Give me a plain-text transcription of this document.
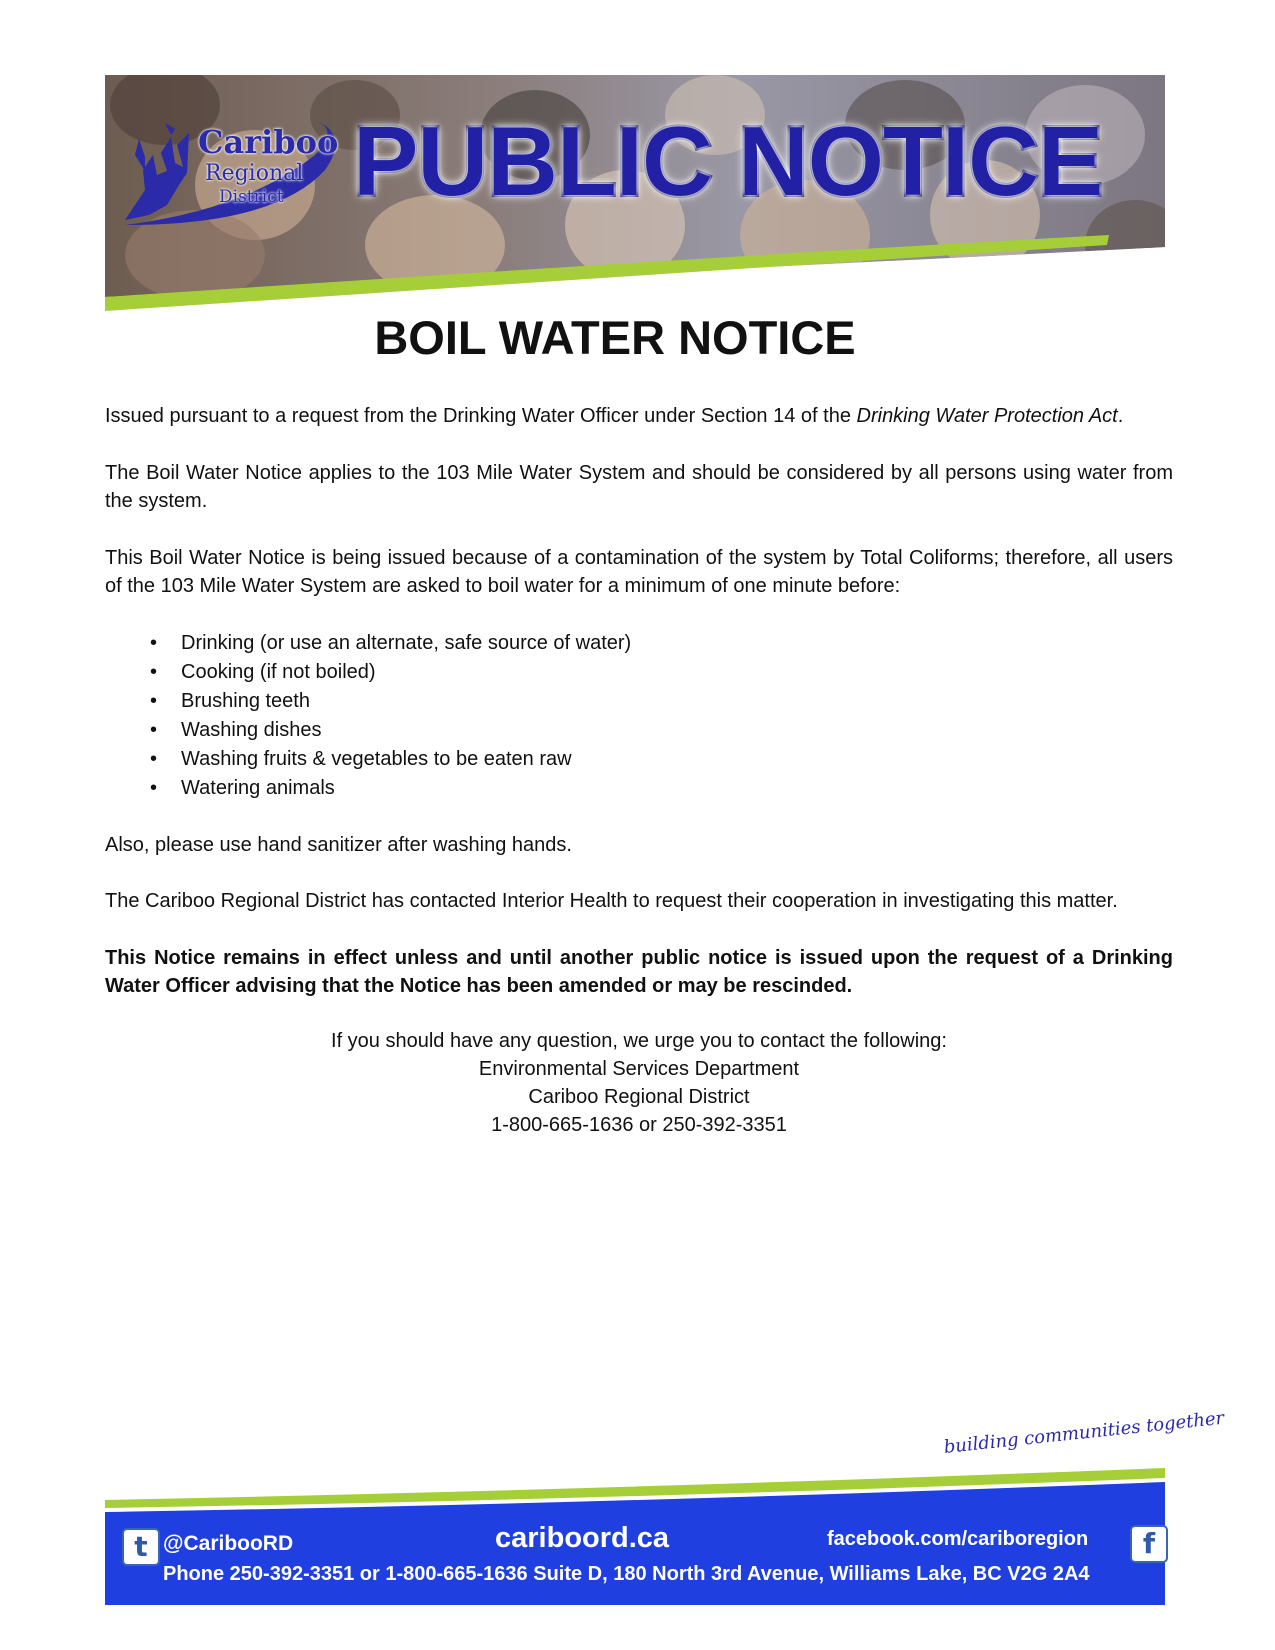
Cariboo
Regional
District PUBLIC NOTICE
BOIL WATER NOTICE

Issued pursuant to a request from the Drinking Water Officer under Section 14 of the Drinking Water Protection Act.

The Boil Water Notice applies to the 103 Mile Water System and should be considered by all persons using water from the system.

This Boil Water Notice is being issued because of a contamination of the system by Total Coliforms; therefore, all users of the 103 Mile Water System are asked to boil water for a minimum of one minute before:

• Drinking (or use an alternate, safe source of water)
• Cooking (if not boiled)
• Brushing teeth
• Washing dishes
• Washing fruits & vegetables to be eaten raw
• Watering animals

Also, please use hand sanitizer after washing hands.

The Cariboo Regional District has contacted Interior Health to request their cooperation in investigating this matter.

This Notice remains in effect unless and until another public notice is issued upon the request of a Drinking Water Officer advising that the Notice has been amended or may be rescinded.

If you should have any question, we urge you to contact the following:
Environmental Services Department
Cariboo Regional District
1-800-665-1636 or 250-392-3351
building communities together
t @CaribooRD	cariboord.ca	facebook.com/cariboregion	f
Phone 250-392-3351 or 1-800-665-1636 Suite D, 180 North 3rd Avenue, Williams Lake, BC V2G 2A4
